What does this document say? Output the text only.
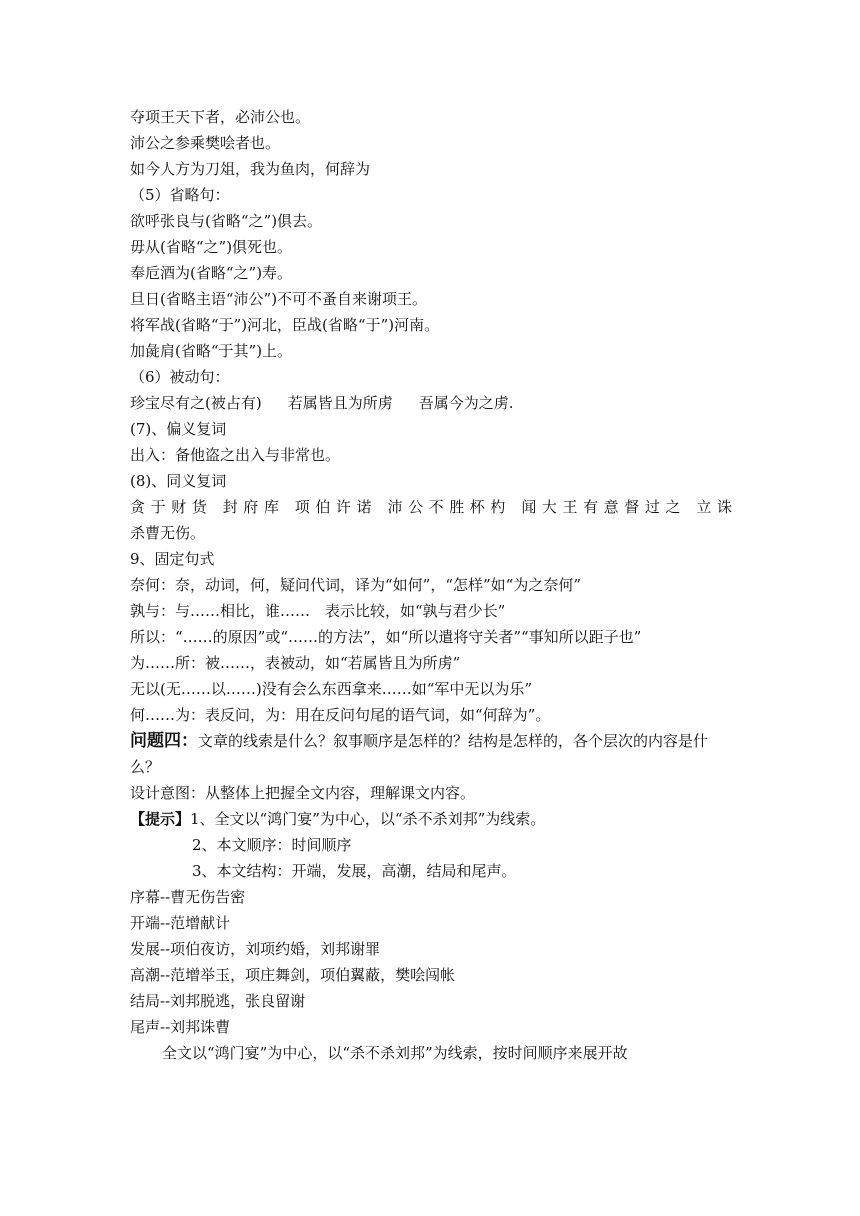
夺项王天下者，必沛公也。
沛公之参乘樊哙者也。
如今人方为刀俎，我为鱼肉，何辞为
（5）省略句：
欲呼张良与(省略“之”)俱去。
毋从(省略“之”)俱死也。
奉卮酒为(省略“之”)寿。
旦日(省略主语“沛公”)不可不蚤自来谢项王。
将军战(省略“于”)河北，臣战(省略“于”)河南。
加彘肩(省略“于其”)上。
（6）被动句：
珍宝尽有之(被占有) 若属皆且为所虏 吾属今为之虏.
(7)、偏义复词
出入：备他盗之出入与非常也。
(8)、同义复词
贪于财货 封府库 项伯许诺 沛公不胜杯杓 闻大王有意督过之 立诛
杀曹无伤。
9、固定句式
奈何：奈，动词，何，疑问代词，译为“如何”，“怎样”如“为之奈何”
孰与：与……相比，谁……　表示比较，如“孰与君少长”
所以：“……的原因”或“……的方法”，如“所以遣将守关者”“事知所以距子也”
为……所：被……，表被动，如“若属皆且为所虏”
无以(无……以……)没有会么东西拿来……如“军中无以为乐”
何……为：表反问，为：用在反问句尾的语气词，如“何辞为”。
问题四：文章的线索是什么？叙事顺序是怎样的？结构是怎样的，各个层次的内容是什么？
设计意图：从整体上把握全文内容，理解课文内容。
【提示】1、全文以“鸿门宴”为中心，以“杀不杀刘邦”为线索。
2、本文顺序：时间顺序
3、本文结构：开端，发展，高潮，结局和尾声。
序幕--曹无伤告密
开端--范增献计
发展--项伯夜访，刘项约婚，刘邦谢罪
高潮--范增举玉，项庄舞剑，项伯翼蔽，樊哙闯帐
结局--刘邦脱逃，张良留谢
尾声--刘邦诛曹
全文以“鸿门宴”为中心，以“杀不杀刘邦”为线索，按时间顺序来展开故
